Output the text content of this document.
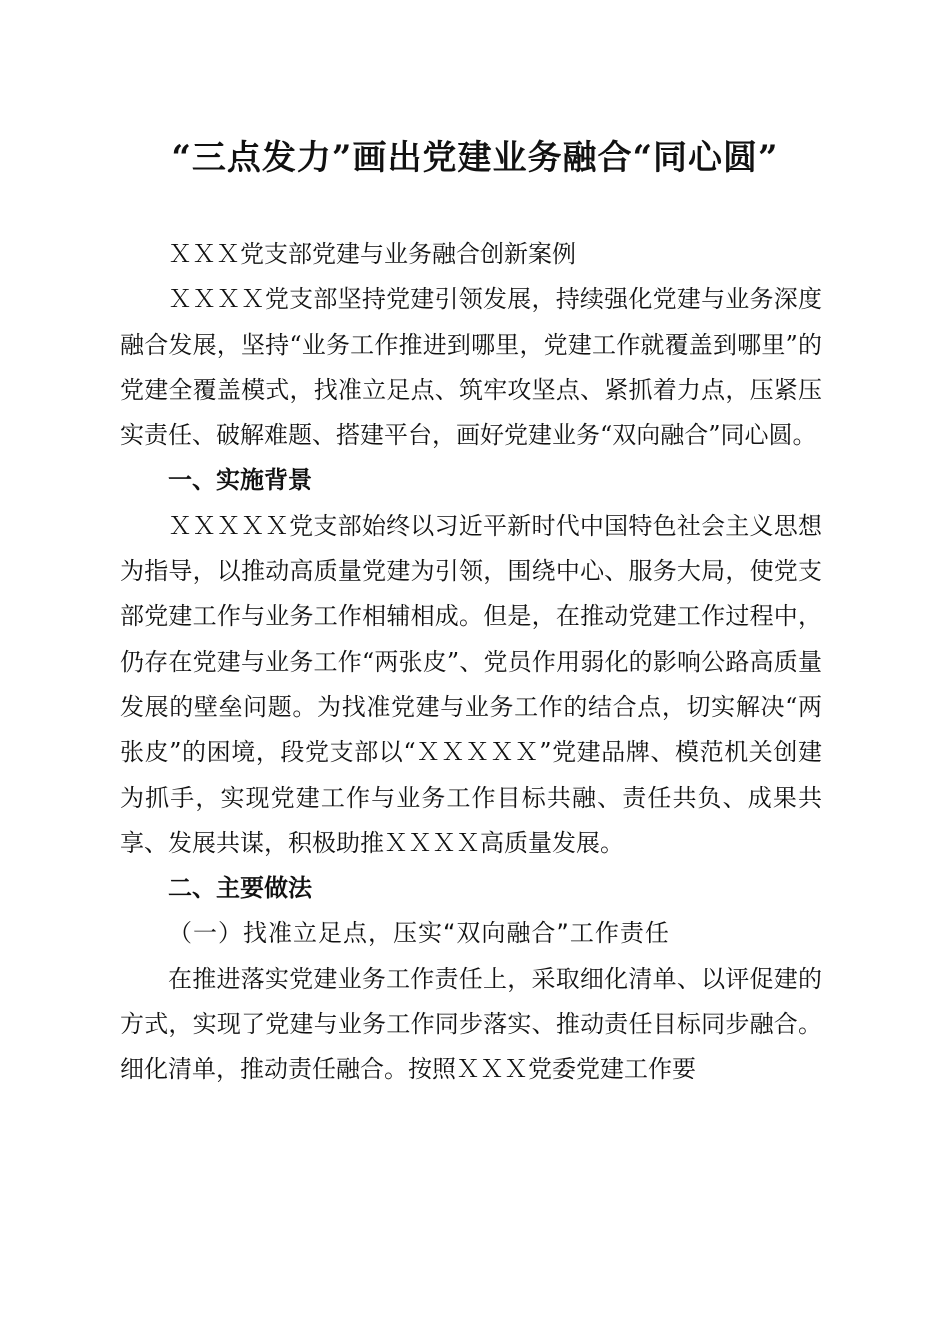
“三点发力”画出党建业务融合“同心圆”

ＸＸＸ党支部党建与业务融合创新案例

ＸＸＸＸ党支部坚持党建引领发展，持续强化党建与业务深度融合发展，坚持“业务工作推进到哪里，党建工作就覆盖到哪里”的党建全覆盖模式，找准立足点、筑牢攻坚点、紧抓着力点，压紧压实责任、破解难题、搭建平台，画好党建业务“双向融合”同心圆。

一、实施背景

ＸＸＸＸＸ党支部始终以习近平新时代中国特色社会主义思想为指导，以推动高质量党建为引领，围绕中心、服务大局，使党支部党建工作与业务工作相辅相成。但是，在推动党建工作过程中，仍存在党建与业务工作“两张皮”、党员作用弱化的影响公路高质量发展的壁垒问题。为找准党建与业务工作的结合点，切实解决“两张皮”的困境，段党支部以“ＸＸＸＸＸ”党建品牌、模范机关创建为抓手，实现党建工作与业务工作目标共融、责任共负、成果共享、发展共谋，积极助推ＸＸＸＸ高质量发展。

二、主要做法

（一）找准立足点，压实“双向融合”工作责任

在推进落实党建业务工作责任上，采取细化清单、以评促建的方式，实现了党建与业务工作同步落实、推动责任目标同步融合。细化清单，推动责任融合。按照ＸＸＸ党委党建工作要
